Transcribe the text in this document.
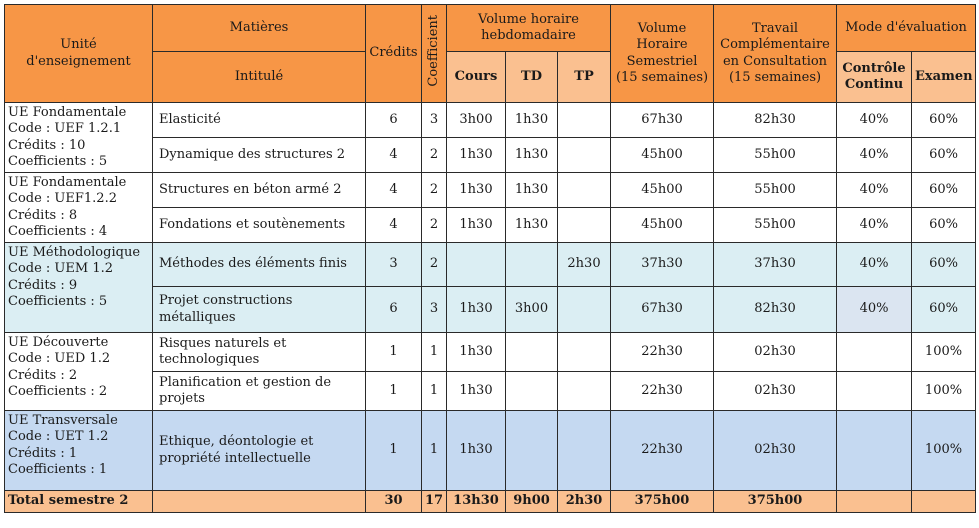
Unité d'enseignement	Matières	Crédits	Coefficient	Volume horaire hebdomadaire			Volume Horaire Semestriel (15 semaines)	Travail Complémentaire en Consultation (15 semaines)	Mode d'évaluation	
	Intitulé			Cours	TD	TP			Contrôle Continu	Examen

UE Fondamentale
Code : UEF 1.2.1
Crédits : 10
Coefficients : 5	Elasticité	6	3	3h00	1h30		67h30	82h30	40%	60%
	Dynamique des structures 2	4	2	1h30	1h30		45h00	55h00	40%	60%

UE Fondamentale
Code : UEF1.2.2
Crédits : 8
Coefficients : 4	Structures en béton armé 2	4	2	1h30	1h30		45h00	55h00	40%	60%
	Fondations et soutènements	4	2	1h30	1h30		45h00	55h00	40%	60%

UE Méthodologique
Code : UEM 1.2
Crédits : 9
Coefficients : 5	Méthodes des éléments finis	3	2			2h30	37h30	37h30	40%	60%
	Projet constructions métalliques	6	3	1h30	3h00		67h30	82h30	40%	60%

UE Découverte
Code : UED 1.2
Crédits : 2
Coefficients : 2	Risques naturels et technologiques	1	1	1h30			22h30	02h30		100%
	Planification et gestion de projets	1	1	1h30			22h30	02h30		100%

UE Transversale
Code : UET 1.2
Crédits : 1
Coefficients : 1	Ethique, déontologie et propriété intellectuelle	1	1	1h30			22h30	02h30		100%
Total semestre 2		30	17	13h30	9h00	2h30	375h00	375h00		
